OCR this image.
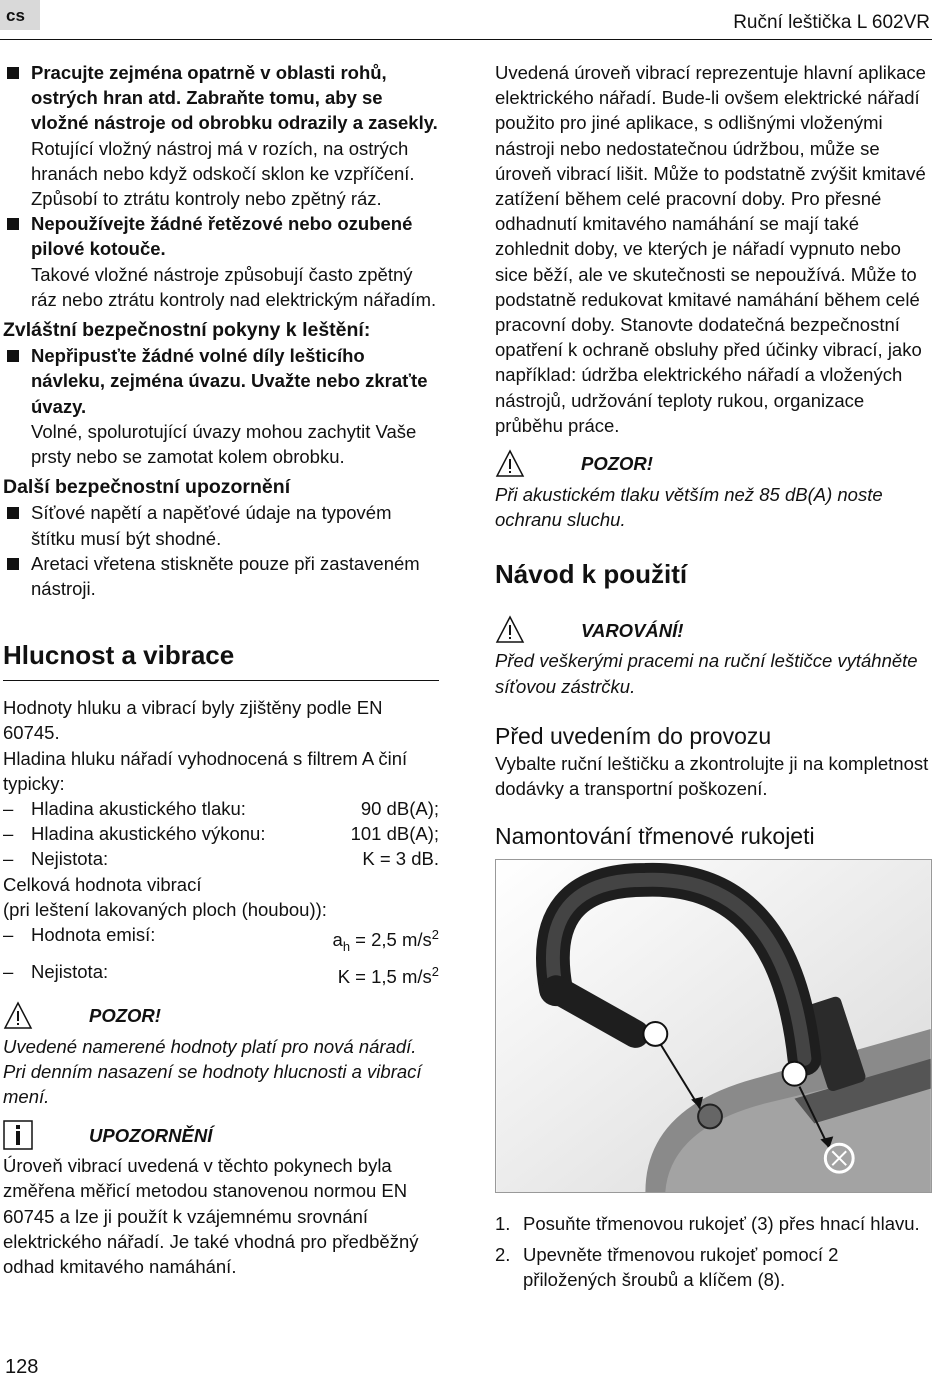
cs	Ruční leštička L 602VR
Pracujte zejména opatrně v oblasti rohů, ostrých hran atd. Zabraňte tomu, aby se vložné nástroje od obrobku odrazily a zasekly.
Rotující vložný nástroj má v rozích, na ostrých hranách nebo když odskočí sklon ke vzpříčení. Způsobí to ztrátu kontroly nebo zpětný ráz.
Nepoužívejte žádné řetězové nebo ozubené pilové kotouče.
Takové vložné nástroje způsobují často zpětný ráz nebo ztrátu kontroly nad elektrickým nářadím.
Zvláštní bezpečnostní pokyny k leštění:
Nepřipusťte žádné volné díly lešticího návleku, zejména úvazu. Uvažte nebo zkraťte úvazy.
Volné, spolurotující úvazy mohou zachytit Vaše prsty nebo se zamotat kolem obrobku.
Další bezpečnostní upozornění
Síťové napětí a napěťové údaje na typovém štítku musí být shodné.
Aretaci vřetena stiskněte pouze při zastaveném nástroji.
Hlucnost a vibrace
Hodnoty hluku a vibrací byly zjištěny podle EN 60745.
Hladina hluku nářadí vyhodnocená s filtrem A činí typicky:
– Hladina akustického tlaku:	90 dB(A);
– Hladina akustického výkonu:	101 dB(A);
– Nejistota:	K = 3 dB.
Celková hodnota vibrací
(pri leštení lakovaných ploch (houbou)):
– Hodnota emisí:	$a_h = 2,5$ $m/s^2$
– Nejistota:	K = 1,5 $m/s^2$
POZOR!
Uvedené namerené hodnoty platí pro nová náradí. Pri denním nasazení se hodnoty hlucnosti a vibrací mení.
UPOZORNĚNÍ
Úroveň vibrací uvedená v těchto pokynech byla změřena měřicí metodou stanovenou normou EN 60745 a lze ji použít k vzájemnému srovnání elektrického nářadí. Je také vhodná pro předběžný odhad kmitavého namáhání.
Uvedená úroveň vibrací reprezentuje hlavní aplikace elektrického nářadí. Bude-li ovšem elektrické nářadí použito pro jiné aplikace, s odlišnými vloženými nástroji nebo nedostatečnou údržbou, může se úroveň vibrací lišit. Může to podstatně zvýšit kmitavé zatížení během celé pracovní doby. Pro přesné odhadnutí kmitavého namáhání se mají také zohlednit doby, ve kterých je nářadí vypnuto nebo sice běží, ale ve skutečnosti se nepoužívá. Může to podstatně redukovat kmitavé namáhání během celé pracovní doby. Stanovte dodatečná bezpečnostní opatření k ochraně obsluhy před účinky vibrací, jako například: údržba elektrického nářadí a vložených nástrojů, udržování teploty rukou, organizace průběhu práce.
POZOR!
Při akustickém tlaku větším než 85 dB(A) noste ochranu sluchu.
Návod k použití
VAROVÁNÍ!
Před veškerými pracemi na ruční leštičce vytáhněte síťovou zástrčku.
Před uvedením do provozu
Vybalte ruční leštičku a zkontrolujte ji na kompletnost dodávky a transportní poškození.
Namontování třmenové rukojeti
1. Posuňte třmenovou rukojeť (3) přes hnací hlavu.
2. Upevněte třmenovou rukojeť pomocí 2 přiložených šroubů a klíčem (8).
128
